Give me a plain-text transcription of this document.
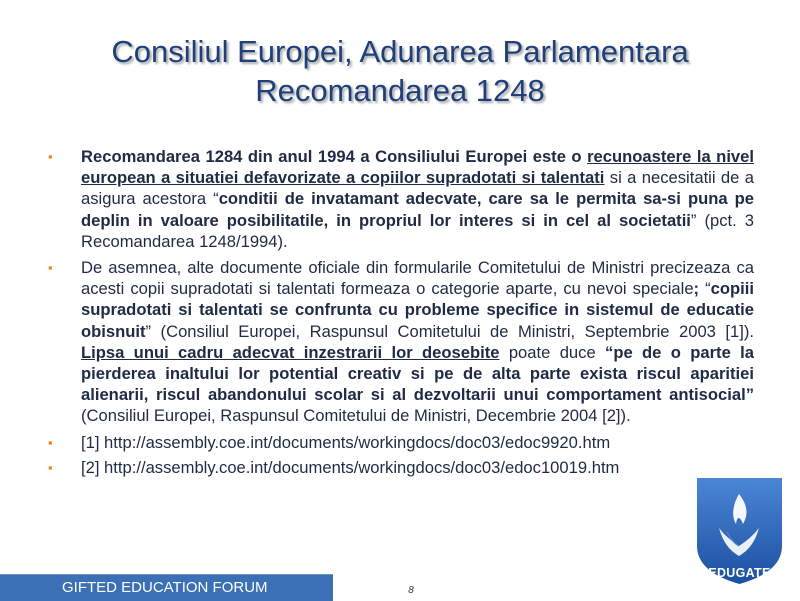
Consiliul Europei, Adunarea Parlamentara
Recomandarea 1248
▪ Recomandarea 1284 din anul 1994 a Consiliului Europei este o recunoastere la nivel european a situatiei defavorizate a copiilor supradotati si talentati si a necesitatii de a asigura acestora “conditii de invatamant adecvate, care sa le permita sa-si puna pe deplin in valoare posibilitatile, in propriul lor interes si in cel al societatii” (pct. 3 Recomandarea 1248/1994).
▪ De asemnea, alte documente oficiale din formularile Comitetului de Ministri precizeaza ca acesti copii supradotati si talentati formeaza o categorie aparte, cu nevoi speciale; “copiii supradotati si talentati se confrunta cu probleme specifice in sistemul de educatie obisnuit” (Consiliul Europei, Raspunsul Comitetului de Ministri, Septembrie 2003 [1]). Lipsa unui cadru adecvat inzestrarii lor deosebite poate duce “pe de o parte la pierderea inaltului lor potential creativ si pe de alta parte exista riscul aparitiei alienarii, riscul abandonului scolar si al dezvoltarii unui comportament antisocial” (Consiliul Europei, Raspunsul Comitetului de Ministri, Decembrie 2004 [2]).
▪ [1] http://assembly.coe.int/documents/workingdocs/doc03/edoc9920.htm
▪ [2] http://assembly.coe.int/documents/workingdocs/doc03/edoc10019.htm
GIFTED EDUCATION FORUM	8
EDUGATE
